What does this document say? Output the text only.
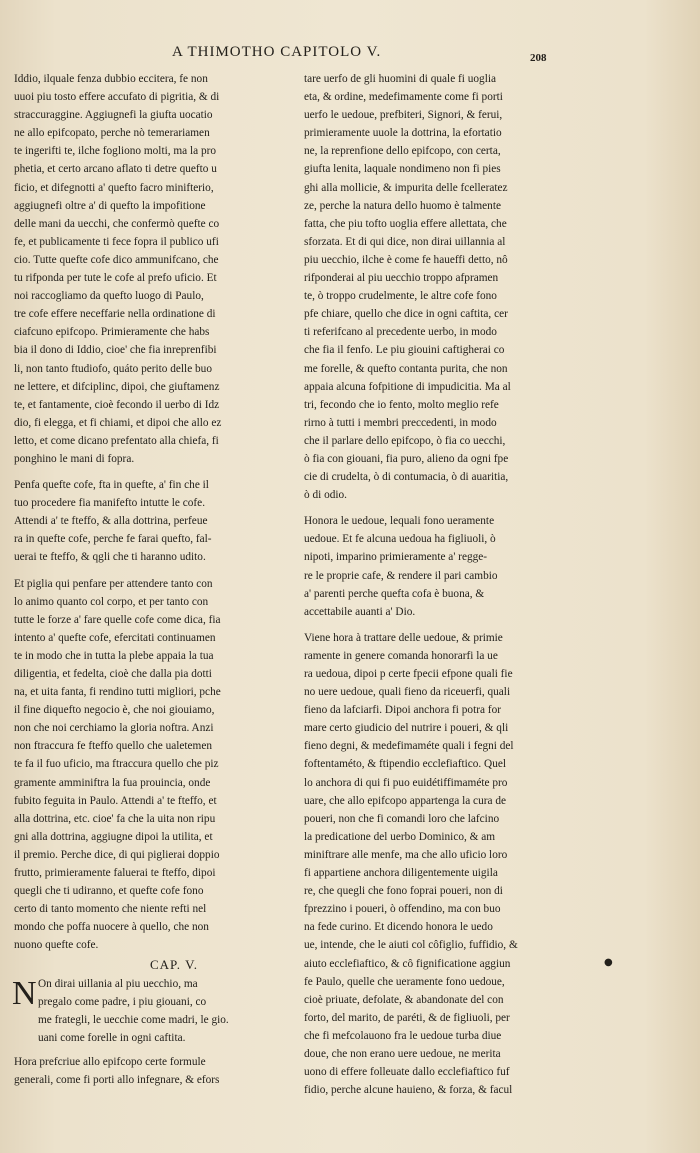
A THIMOTHO CAPITOLO V.	208
Iddio, ilquale fenza dubbio eccitera, fe non
uuoi piu tosto effere accufato di pigritia, & di
straccuraggine. Aggiugnefi la giufta uocatio
ne allo epifcopato, perche nò temerariamen
te ingerifti te, ilche fogliono molti, ma la pro
phetia, et certo arcano aflato ti detre quefto u
ficio, et difegnotti a' quefto facro minifterio,
aggiugnefi oltre a' di quefto la impofitione
delle mani da uecchi, che confermò quefte co
fe, et publicamente ti fece fopra il publico ufi
cio. Tutte quefte cofe dico ammunifcano, che
tu rifponda per tute le cofe al prefo uficio. Et
noi raccogliamo da quefto luogo di Paulo,
tre cofe effere neceffarie nella ordinatione di
ciafcuno epifcopo. Primieramente che habs
bia il dono di Iddio, cioe' che fia inreprenfibi
li, non tanto ftudiofo, quáto perito delle buo
ne lettere, et difciplinc, dipoi, che giuftamenz
te, et fantamente, cioè fecondo il uerbo di Idz
dio, fi elegga, et fi chiami, et dipoi che allo ez
letto, et come dicano prefentato alla chiefa, fi
ponghino le mani di fopra.
Penfa quefte cofe, fta in quefte, a' fin che il
tuo procedere fia manifefto intutte le cofe.
Attendi a' te fteffo, & alla dottrina, perfeue
ra in quefte cofe, perche fe farai quefto, fal-
uerai te fteffo, & qgli che ti haranno udito.
Et piglia qui penfare per attendere tanto con
lo animo quanto col corpo, et per tanto con
tutte le forze a' fare quelle cofe come dica, fia
intento a' quefte cofe, efercitati continuamen
te in modo che in tutta la plebe appaia la tua
diligentia, et fedelta, cioè che dalla pia dotti
na, et uita fanta, fi rendino tutti migliori, pche
il fine diquefto negocio è, che noi giouiamo,
non che noi cerchiamo la gloria noftra. Anzi
non ftraccura fe fteffo quello che ualetemen
te fa il fuo uficio, ma ftraccura quello che piz
gramente amminiftra la fua prouincia, onde
fubito feguita in Paulo. Attendi a' te fteffo, et
alla dottrina, etc. cioe' fa che la uita non ripu
gni alla dottrina, aggiugne dipoi la utilita, et
il premio. Perche dice, di qui piglierai doppio
frutto, primieramente faluerai te fteffo, dipoi
quegli che ti udiranno, et quefte cofe fono
certo di tanto momento che niente refti nel
mondo che poffa nuocere à quello, che non
nuono quefte cofe.
CAP. V.
N On dirai uillania al piu uecchio, ma
pregalo come padre, i piu giouani, co
me frategli, le uecchie come madri, le gio.
uani come forelle in ogni caftita.
Hora prefcriue allo epifcopo certe formule
generali, come fi porti allo infegnare, & efors
tare uerfo de gli huomini di quale fi uoglia
eta, & ordine, medefimamente come fi porti
uerfo le uedoue, prefbiteri, Signori, & ferui,
primieramente uuole la dottrina, la efortatio
ne, la reprenfione dello epifcopo, con certa,
giufta lenita, laquale nondimeno non fi pies
ghi alla mollicie, & impurita delle fcelleratez
ze, perche la natura dello huomo è talmente
fatta, che piu tofto uoglia effere allettata, che
sforzata. Et di qui dice, non dirai uillannia al
piu uecchio, ilche è come fe haueffi detto, nô
rifponderai al piu uecchio troppo afpramen
te, ò troppo crudelmente, le altre cofe fono
pfe chiare, quello che dice in ogni caftita, cer
ti referifcano al precedente uerbo, in modo
che fia il fenfo. Le piu giouini caftigherai co
me forelle, & quefto contanta purita, che non
appaia alcuna fofpitione di impudicitia. Ma al
tri, fecondo che io fento, molto meglio refe
rirno à tutti i membri preccedenti, in modo
che il parlare dello epifcopo, ò fia co uecchi,
ò fia con giouani, fia puro, alieno da ogni fpe
cie di crudelta, ò di contumacia, ò di auaritia,
ò di odio.
Honora le uedoue, lequali fono ueramente
uedoue. Et fe alcuna uedoua ha figliuoli, ò
nipoti, imparino primieramente a' regge-
re le proprie cafe, & rendere il pari cambio
a' parenti perche quefta cofa è buona, &
accettabile auanti a' Dio.
Viene hora à trattare delle uedoue, & primie
ramente in genere comanda honorarfi la ue
ra uedoua, dipoi p certe fpecii efpone quali fie
no uere uedoue, quali fieno da riceuerfi, quali
fieno da lafciarfi. Dipoi anchora fi potra for
mare certo giudicio del nutrire i poueri, & qli
fieno degni, & medefimaméte quali i fegni del
foftentaméto, & ftipendio ecclefiaftico. Quel
lo anchora di qui fi puo euidétiffimaméte pro
uare, che allo epifcopo appartenga la cura de
poueri, non che fi comandi loro che lafcino
la predicatione del uerbo Dominico, & am
miniftrare alle menfe, ma che allo uficio loro
fi appartiene anchora diligentemente uigila
re, che quegli che fono foprai poueri, non di
fprezzino i poueri, ò offendino, ma con buo
na fede curino. Et dicendo honora le uedo
ue, intende, che le aiuti col côfiglio, fuffidio, &
aiuto ecclefiaftico, & cô fignificatione aggiun
fe Paulo, quelle che ueramente fono uedoue,
cioè priuate, defolate, & abandonate del con
forto, del marito, de paréti, & de figliuoli, per
che fi mefcolauono fra le uedoue turba diue
doue, che non erano uere uedoue, ne merita
uono di effere folleuate dallo ecclefiaftico fuf
fidio, perche alcune hauieno, & forza, & facul
●
